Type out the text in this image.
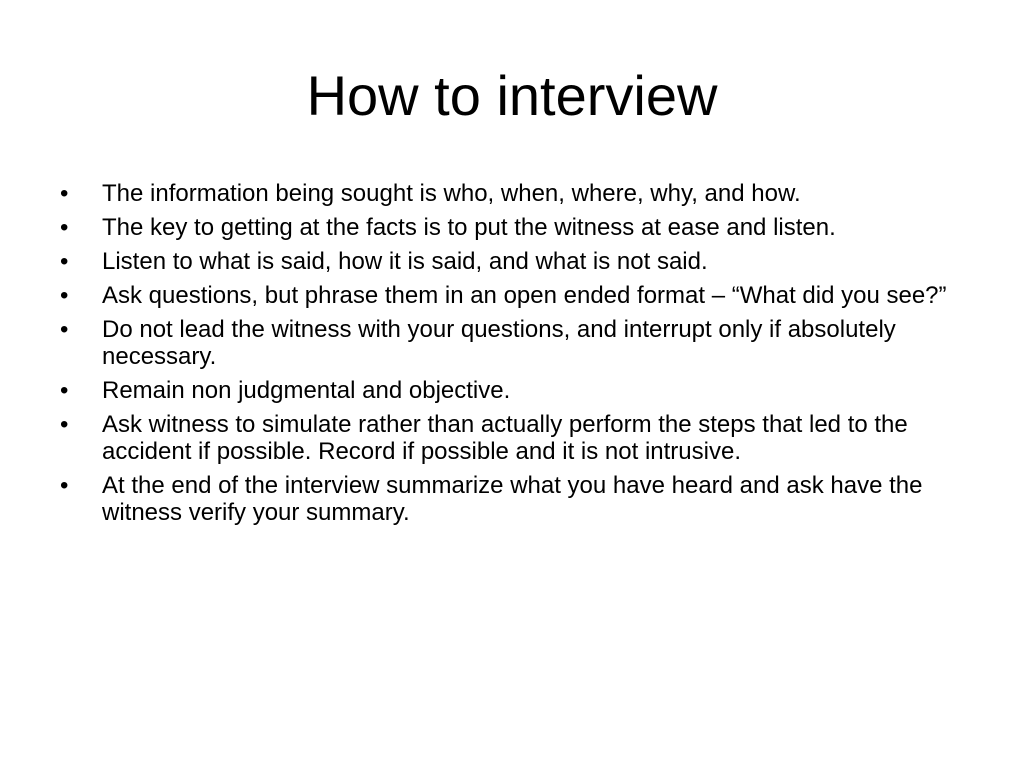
How to interview
•	The information being sought is who, when, where, why, and how.
•	The key to getting at the facts is to put the witness at ease and listen.
•	Listen to what is said, how it is said, and what is not said.
•	Ask questions, but phrase them in an open ended format – “What did you see?”
•	Do not lead the witness with your questions, and interrupt only if absolutely necessary.
•	Remain non judgmental and objective.
•	Ask witness to simulate rather than actually perform the steps that led to the accident if possible. Record if possible and it is not intrusive.
•	At the end of the interview summarize what you have heard and ask have the witness verify your summary.
